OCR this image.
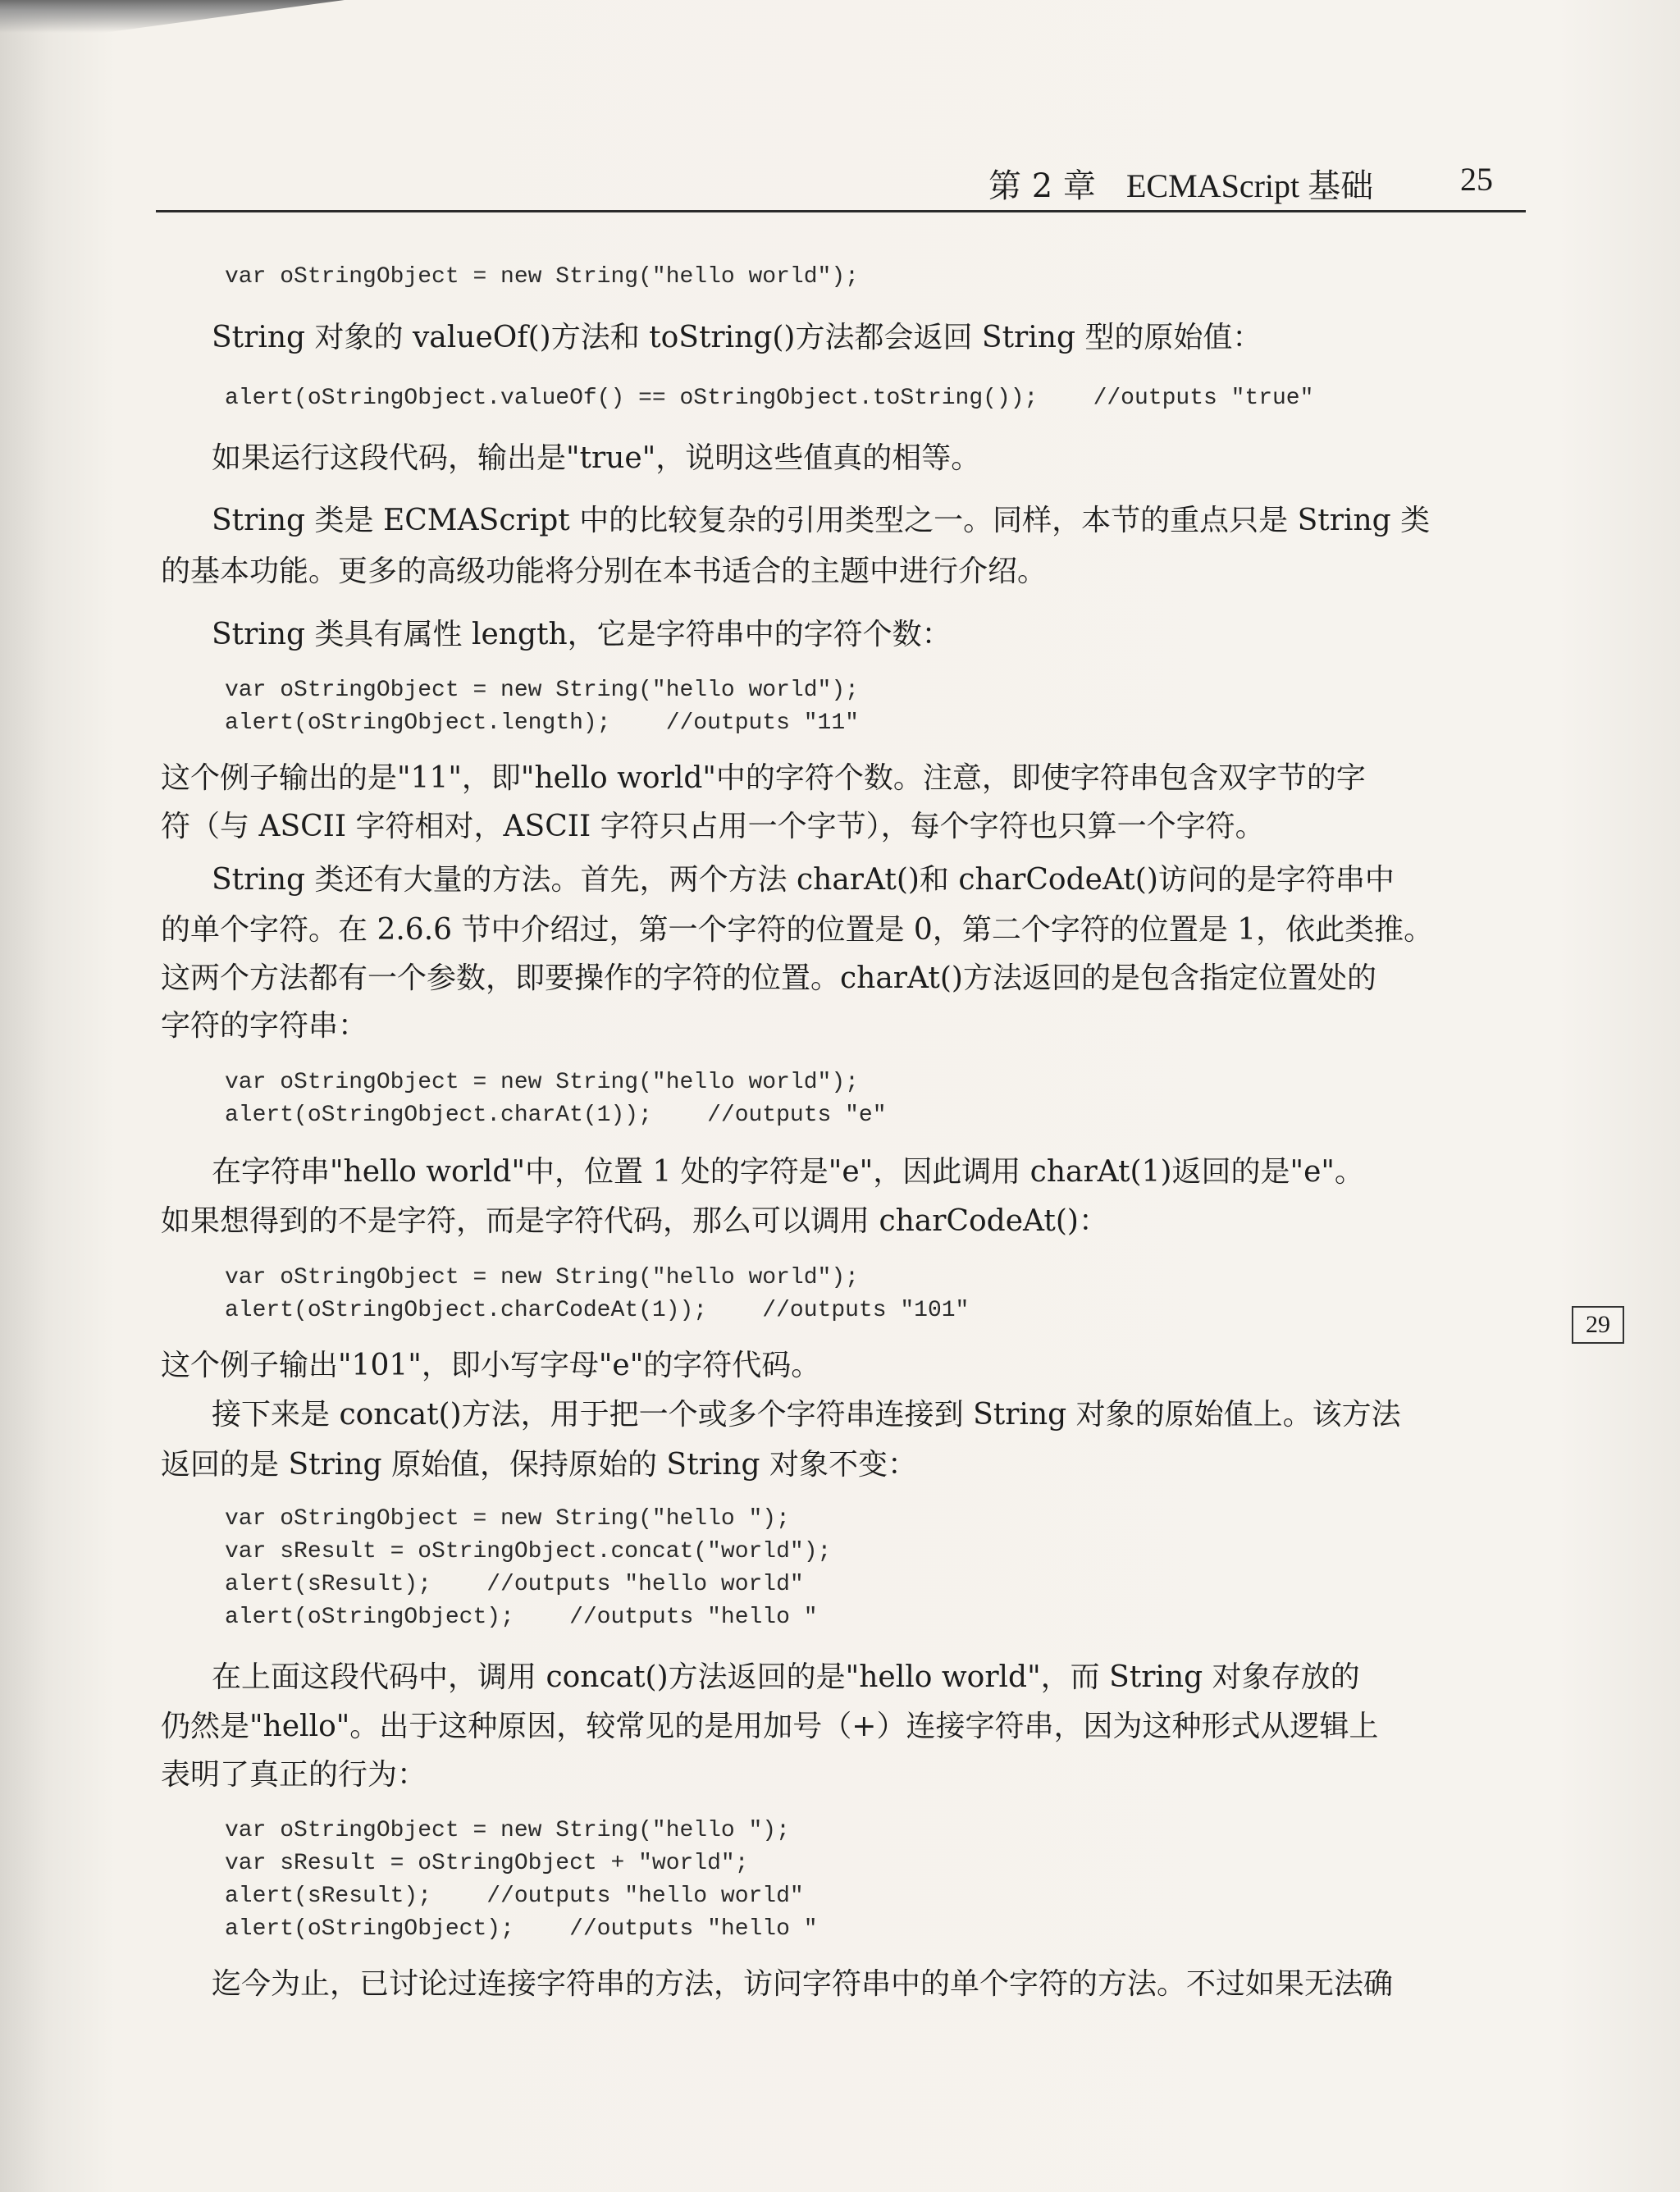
第 2 章 ECMAScript 基础	25
29
var oStringObject = new String("hello world");
String 对象的 valueOf()方法和 toString()方法都会返回 String 型的原始值：
alert(oStringObject.valueOf() == oStringObject.toString());    //outputs "true"
如果运行这段代码，输出是"true"，说明这些值真的相等。
String 类是 ECMAScript 中的比较复杂的引用类型之一。同样，本节的重点只是 String 类
的基本功能。更多的高级功能将分别在本书适合的主题中进行介绍。
String 类具有属性 length，它是字符串中的字符个数：
var oStringObject = new String("hello world");
alert(oStringObject.length);    //outputs "11"
这个例子输出的是"11"，即"hello world"中的字符个数。注意，即使字符串包含双字节的字
符（与 ASCII 字符相对，ASCII 字符只占用一个字节），每个字符也只算一个字符。
String 类还有大量的方法。首先，两个方法 charAt()和 charCodeAt()访问的是字符串中
的单个字符。在 2.6.6 节中介绍过，第一个字符的位置是 0，第二个字符的位置是 1，依此类推。
这两个方法都有一个参数，即要操作的字符的位置。charAt()方法返回的是包含指定位置处的
字符的字符串：
var oStringObject = new String("hello world");
alert(oStringObject.charAt(1));    //outputs "e"
在字符串"hello world"中，位置 1 处的字符是"e"，因此调用 charAt(1)返回的是"e"。
如果想得到的不是字符，而是字符代码，那么可以调用 charCodeAt()：
var oStringObject = new String("hello world");
alert(oStringObject.charCodeAt(1));    //outputs "101"
这个例子输出"101"，即小写字母"e"的字符代码。
接下来是 concat()方法，用于把一个或多个字符串连接到 String 对象的原始值上。该方法
返回的是 String 原始值，保持原始的 String 对象不变：
var oStringObject = new String("hello ");
var sResult = oStringObject.concat("world");
alert(sResult);    //outputs "hello world"
alert(oStringObject);    //outputs "hello "
在上面这段代码中，调用 concat()方法返回的是"hello world"，而 String 对象存放的
仍然是"hello"。出于这种原因，较常见的是用加号（+）连接字符串，因为这种形式从逻辑上
表明了真正的行为：
var oStringObject = new String("hello ");
var sResult = oStringObject + "world";
alert(sResult);    //outputs "hello world"
alert(oStringObject);    //outputs "hello "
迄今为止，已讨论过连接字符串的方法，访问字符串中的单个字符的方法。不过如果无法确
